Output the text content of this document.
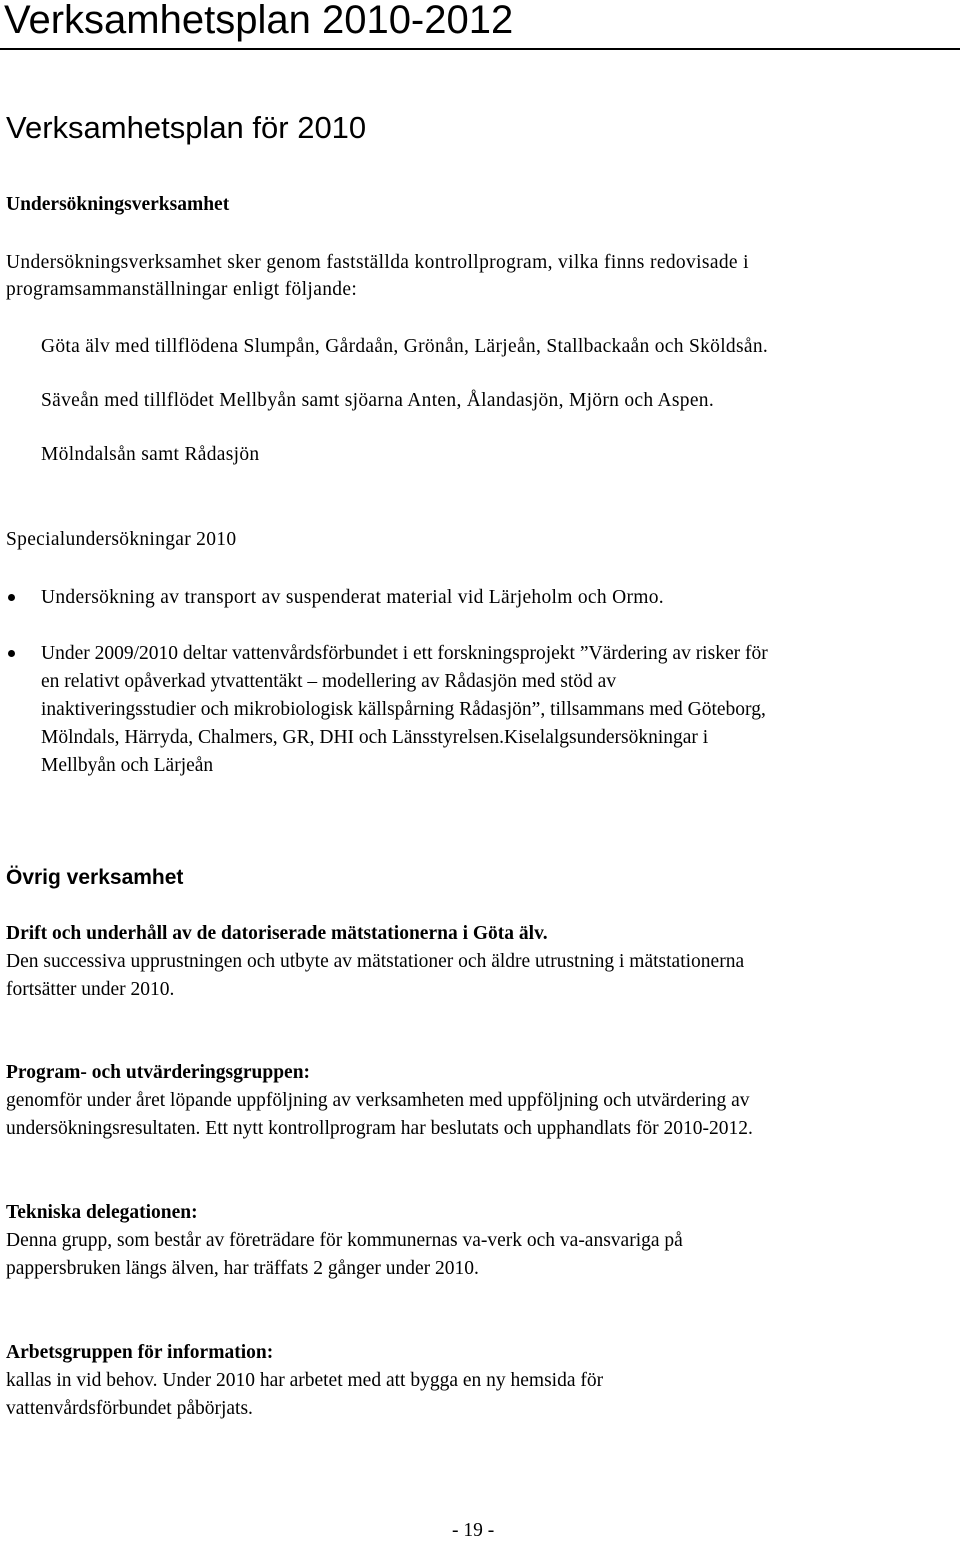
Verksamhetsplan 2010-2012
Verksamhetsplan för 2010
Undersökningsverksamhet
Undersökningsverksamhet sker genom fastställda kontrollprogram, vilka finns redovisade i
programsammanställningar enligt följande:
Göta älv med tillflödena Slumpån, Gårdaån, Grönån, Lärjeån, Stallbackaån och Sköldsån.
Säveån med tillflödet Mellbyån samt sjöarna Anten, Ålandasjön, Mjörn och Aspen.
Mölndalsån samt Rådasjön
Specialundersökningar 2010
Undersökning av transport av suspenderat material vid Lärjeholm och Ormo.
Under 2009/2010 deltar vattenvårdsförbundet i ett forskningsprojekt ”Värdering av risker för
en relativt opåverkad ytvattentäkt – modellering av Rådasjön med stöd av
inaktiveringsstudier och mikrobiologisk källspårning Rådasjön”, tillsammans med Göteborg,
Mölndals, Härryda, Chalmers, GR, DHI och Länsstyrelsen.Kiselalgsundersökningar i
Mellbyån och Lärjeån
Övrig verksamhet
Drift och underhåll av de datoriserade mätstationerna i Göta älv.
Den successiva upprustningen och utbyte av mätstationer och äldre utrustning i mätstationerna
fortsätter under 2010.
Program- och utvärderingsgruppen:
genomför under året löpande uppföljning av verksamheten med uppföljning och utvärdering av
undersökningsresultaten. Ett nytt kontrollprogram har beslutats och upphandlats för 2010-2012.
Tekniska delegationen:
Denna grupp, som består av företrädare för kommunernas va-verk och va-ansvariga på
pappersbruken längs älven, har träffats 2 gånger under 2010.
Arbetsgruppen för information:
kallas in vid behov. Under 2010 har arbetet med att bygga en ny hemsida för
vattenvårdsförbundet påbörjats.
- 19 -
